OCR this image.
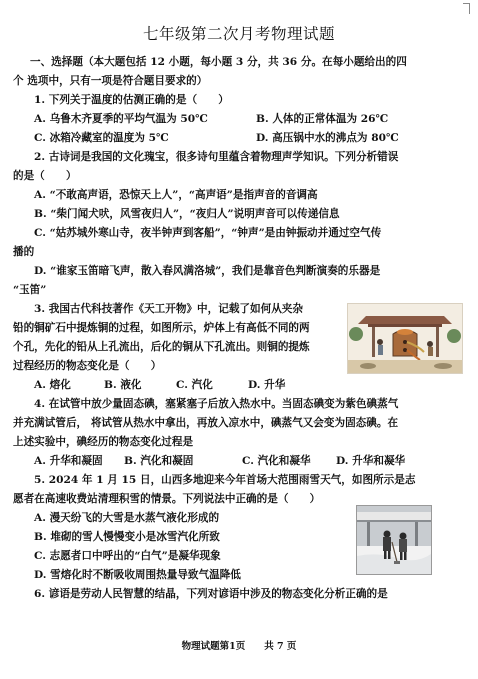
七年级第二次月考物理试题
一、选择题（本大题包括 12 小题，每小题 3 分，共 36 分。在每小题给出的四
个 选项中，只有一项是符合题目要求的）
1. 下列关于温度的估测正确的是（　　）
A. 乌鲁木齐夏季的平均气温为 50℃	B. 人体的正常体温为 26℃
C. 冰箱冷藏室的温度为 5℃	D. 高压锅中水的沸点为 80℃
2. 古诗词是我国的文化瑰宝，很多诗句里蕴含着物理声学知识。下列分析错误
的是（　　）
A. “不敢高声语，恐惊天上人”，“高声语”是指声音的音调高
B. “柴门闻犬吠，风雪夜归人”，“夜归人”说明声音可以传递信息
C. “姑苏城外寒山寺，夜半钟声到客船”，“钟声”是由钟振动并通过空气传
播的
D. “谁家玉笛暗飞声，散入春风满洛城”，我们是靠音色判断演奏的乐器是
“玉笛”
3. 我国古代科技著作《天工开物》中，记载了如何从夹杂
铅的铜矿石中提炼铜的过程，如图所示，炉体上有高低不同的两
个孔，先化的铅从上孔流出，后化的铜从下孔流出。则铜的提炼
过程经历的物态变化是（　　）
A. 熔化	B. 液化	C. 汽化	D. 升华
4. 在试管中放少量固态碘，塞紧塞子后放入热水中。当固态碘变为紫色碘蒸气
并充满试管后， 将试管从热水中拿出，再放入凉水中，碘蒸气又会变为固态碘。在
上述实验中，碘经历的物态变化过程是
A. 升华和凝固 B. 汽化和凝固	C. 汽化和凝华 D. 升华和凝华
5. 2024 年 1 月 15 日，山西多地迎来今年首场大范围雨雪天气，如图所示是志
愿者在高速收费站清理积雪的情景。下列说法中正确的是（　　）
A. 漫天纷飞的大雪是水蒸气液化形成的
B. 堆砌的雪人慢慢变小是冰雪汽化所致
C. 志愿者口中呼出的“白气”是凝华现象
D. 雪熔化时不断吸收周围热量导致气温降低
6. 谚语是劳动人民智慧的结晶，下列对谚语中涉及的物态变化分析正确的是
物理试题第1页　　共 7 页
